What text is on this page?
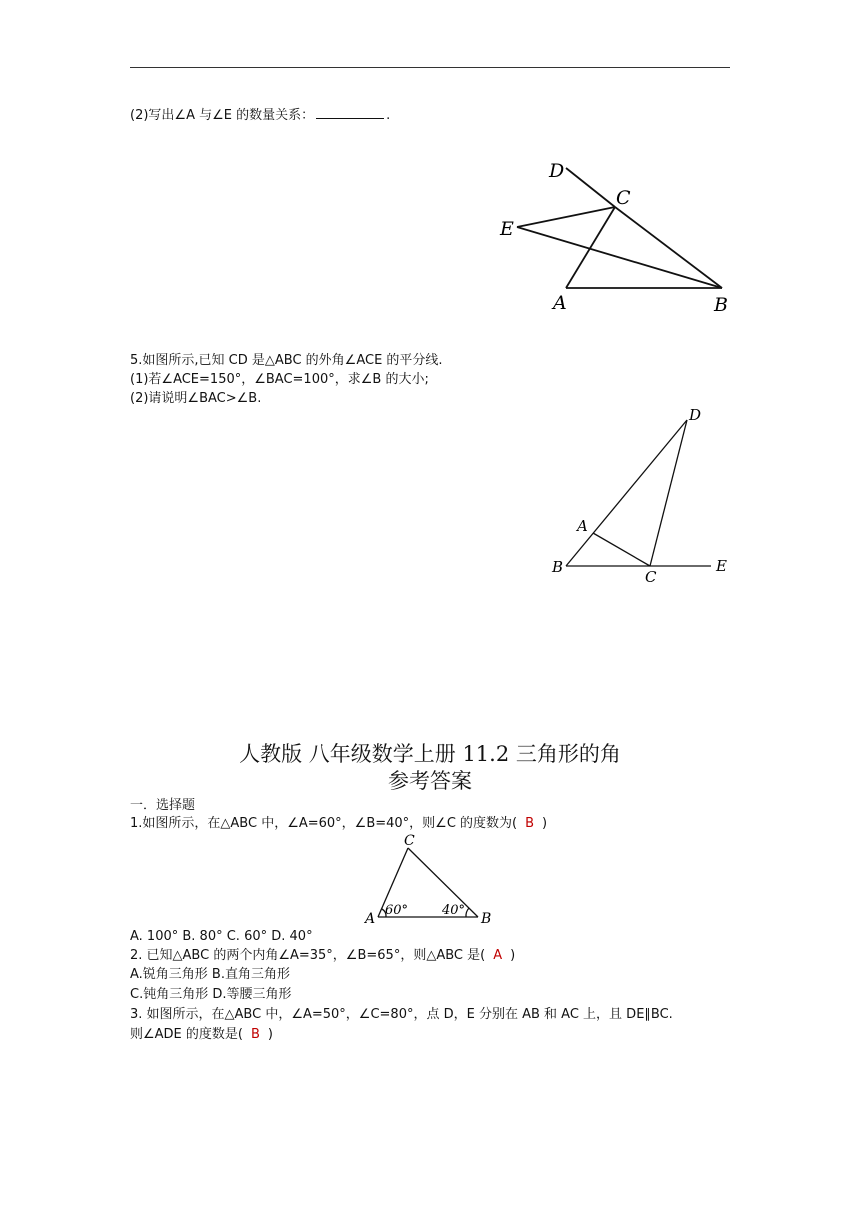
(2)写出∠A 与∠E 的数量关系：	.
D
C
E
A	B
5.如图所示,已知 CD 是△ABC 的外角∠ACE 的平分线.
(1)若∠ACE=150°，∠BAC=100°，求∠B 的大小;
(2)请说明∠BAC>∠B.
D
A
B
C
E
人教版 八年级数学上册 11.2 三角形的角
参考答案
一．选择题
1.如图所示，在△ABC 中，∠A=60°，∠B=40°，则∠C 的度数为( B )
C
A	B
60°	40°
A. 100° B. 80° C. 60° D. 40°
2. 已知△ABC 的两个内角∠A=35°，∠B=65°，则△ABC 是( A )
A.锐角三角形 B.直角三角形
C.钝角三角形 D.等腰三角形
3. 如图所示，在△ABC 中，∠A=50°，∠C=80°，点 D，E 分别在 AB 和 AC 上，且 DE∥BC.
则∠ADE 的度数是( B )
